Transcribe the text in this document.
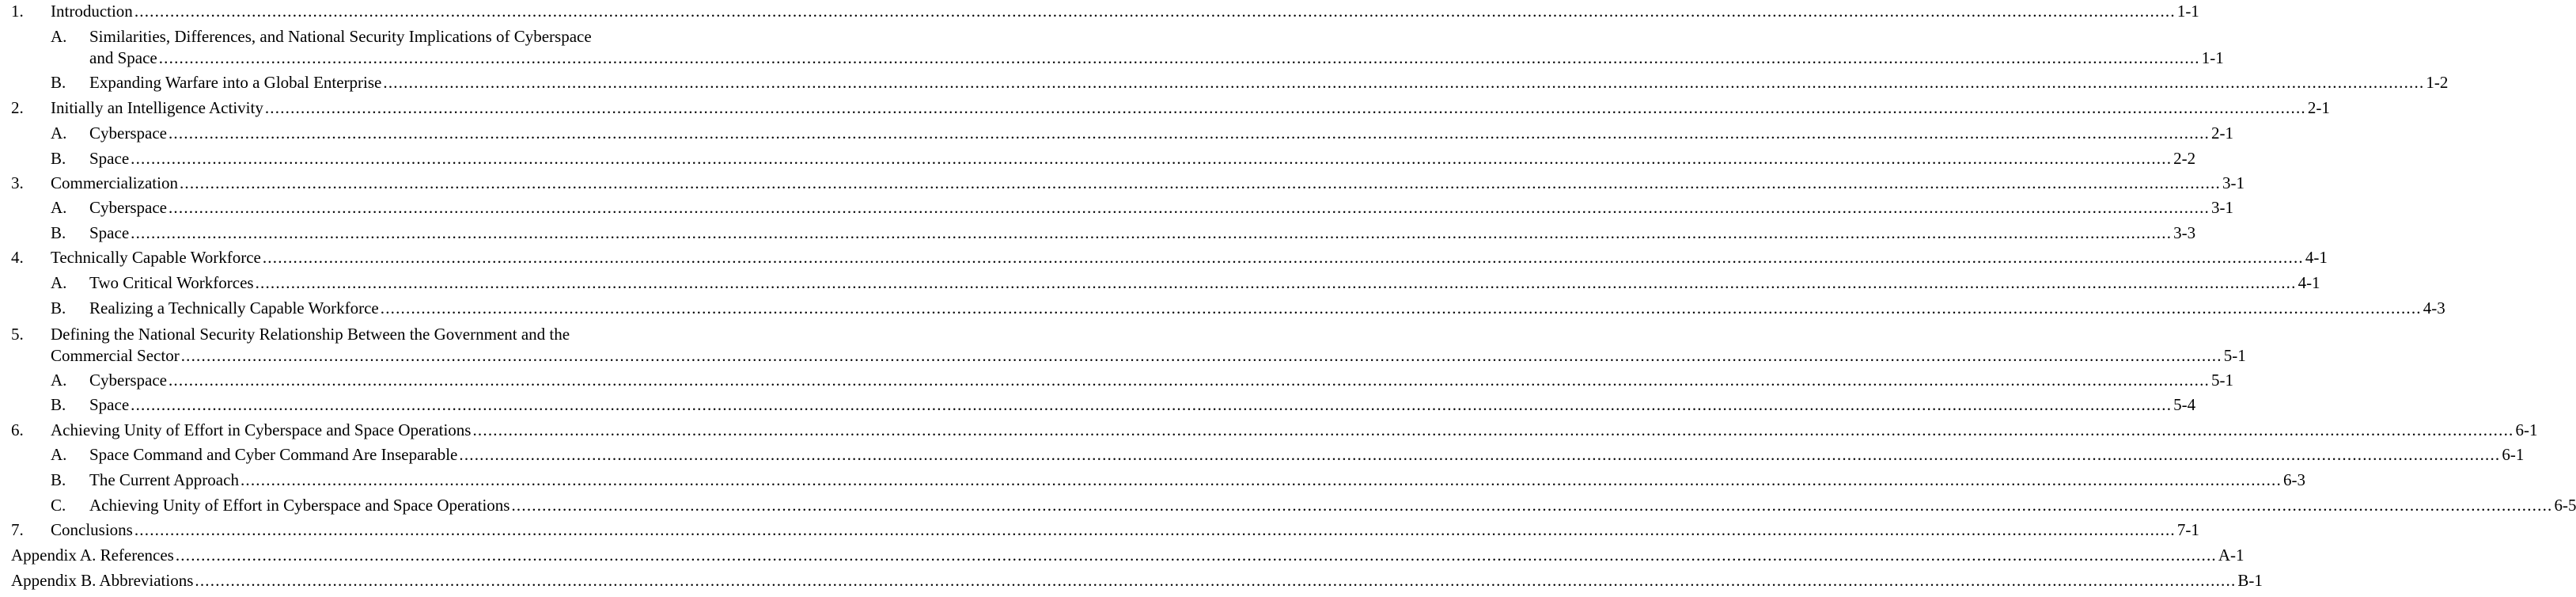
1. Introduction ................................................................................................................................................................................................................................................................................................................................................................................................................ 1-1
A. Similarities, Differences, and National Security Implications of Cyberspace
and Space ................................................................................................................................................................................................................................................................................................................................................................................................................ 1-1
B. Expanding Warfare into a Global Enterprise ................................................................................................................................................................................................................................................................................................................................................................................................................ 1-2
2. Initially an Intelligence Activity ................................................................................................................................................................................................................................................................................................................................................................................................................ 2-1
A. Cyberspace ................................................................................................................................................................................................................................................................................................................................................................................................................ 2-1
B. Space ................................................................................................................................................................................................................................................................................................................................................................................................................ 2-2
3. Commercialization ................................................................................................................................................................................................................................................................................................................................................................................................................ 3-1
A. Cyberspace ................................................................................................................................................................................................................................................................................................................................................................................................................ 3-1
B. Space ................................................................................................................................................................................................................................................................................................................................................................................................................ 3-3
4. Technically Capable Workforce ................................................................................................................................................................................................................................................................................................................................................................................................................ 4-1
A. Two Critical Workforces ................................................................................................................................................................................................................................................................................................................................................................................................................ 4-1
B. Realizing a Technically Capable Workforce ................................................................................................................................................................................................................................................................................................................................................................................................................ 4-3
5. Defining the National Security Relationship Between the Government and the
Commercial Sector ................................................................................................................................................................................................................................................................................................................................................................................................................ 5-1
A. Cyberspace ................................................................................................................................................................................................................................................................................................................................................................................................................ 5-1
B. Space ................................................................................................................................................................................................................................................................................................................................................................................................................ 5-4
6. Achieving Unity of Effort in Cyberspace and Space Operations ................................................................................................................................................................................................................................................................................................................................................................................................................ 6-1
A. Space Command and Cyber Command Are Inseparable ................................................................................................................................................................................................................................................................................................................................................................................................................ 6-1
B. The Current Approach ................................................................................................................................................................................................................................................................................................................................................................................................................ 6-3
C. Achieving Unity of Effort in Cyberspace and Space Operations ................................................................................................................................................................................................................................................................................................................................................................................................................ 6-5
7. Conclusions ................................................................................................................................................................................................................................................................................................................................................................................................................ 7-1
Appendix A. References ................................................................................................................................................................................................................................................................................................................................................................................................................ A-1
Appendix B. Abbreviations ................................................................................................................................................................................................................................................................................................................................................................................................................ B-1
